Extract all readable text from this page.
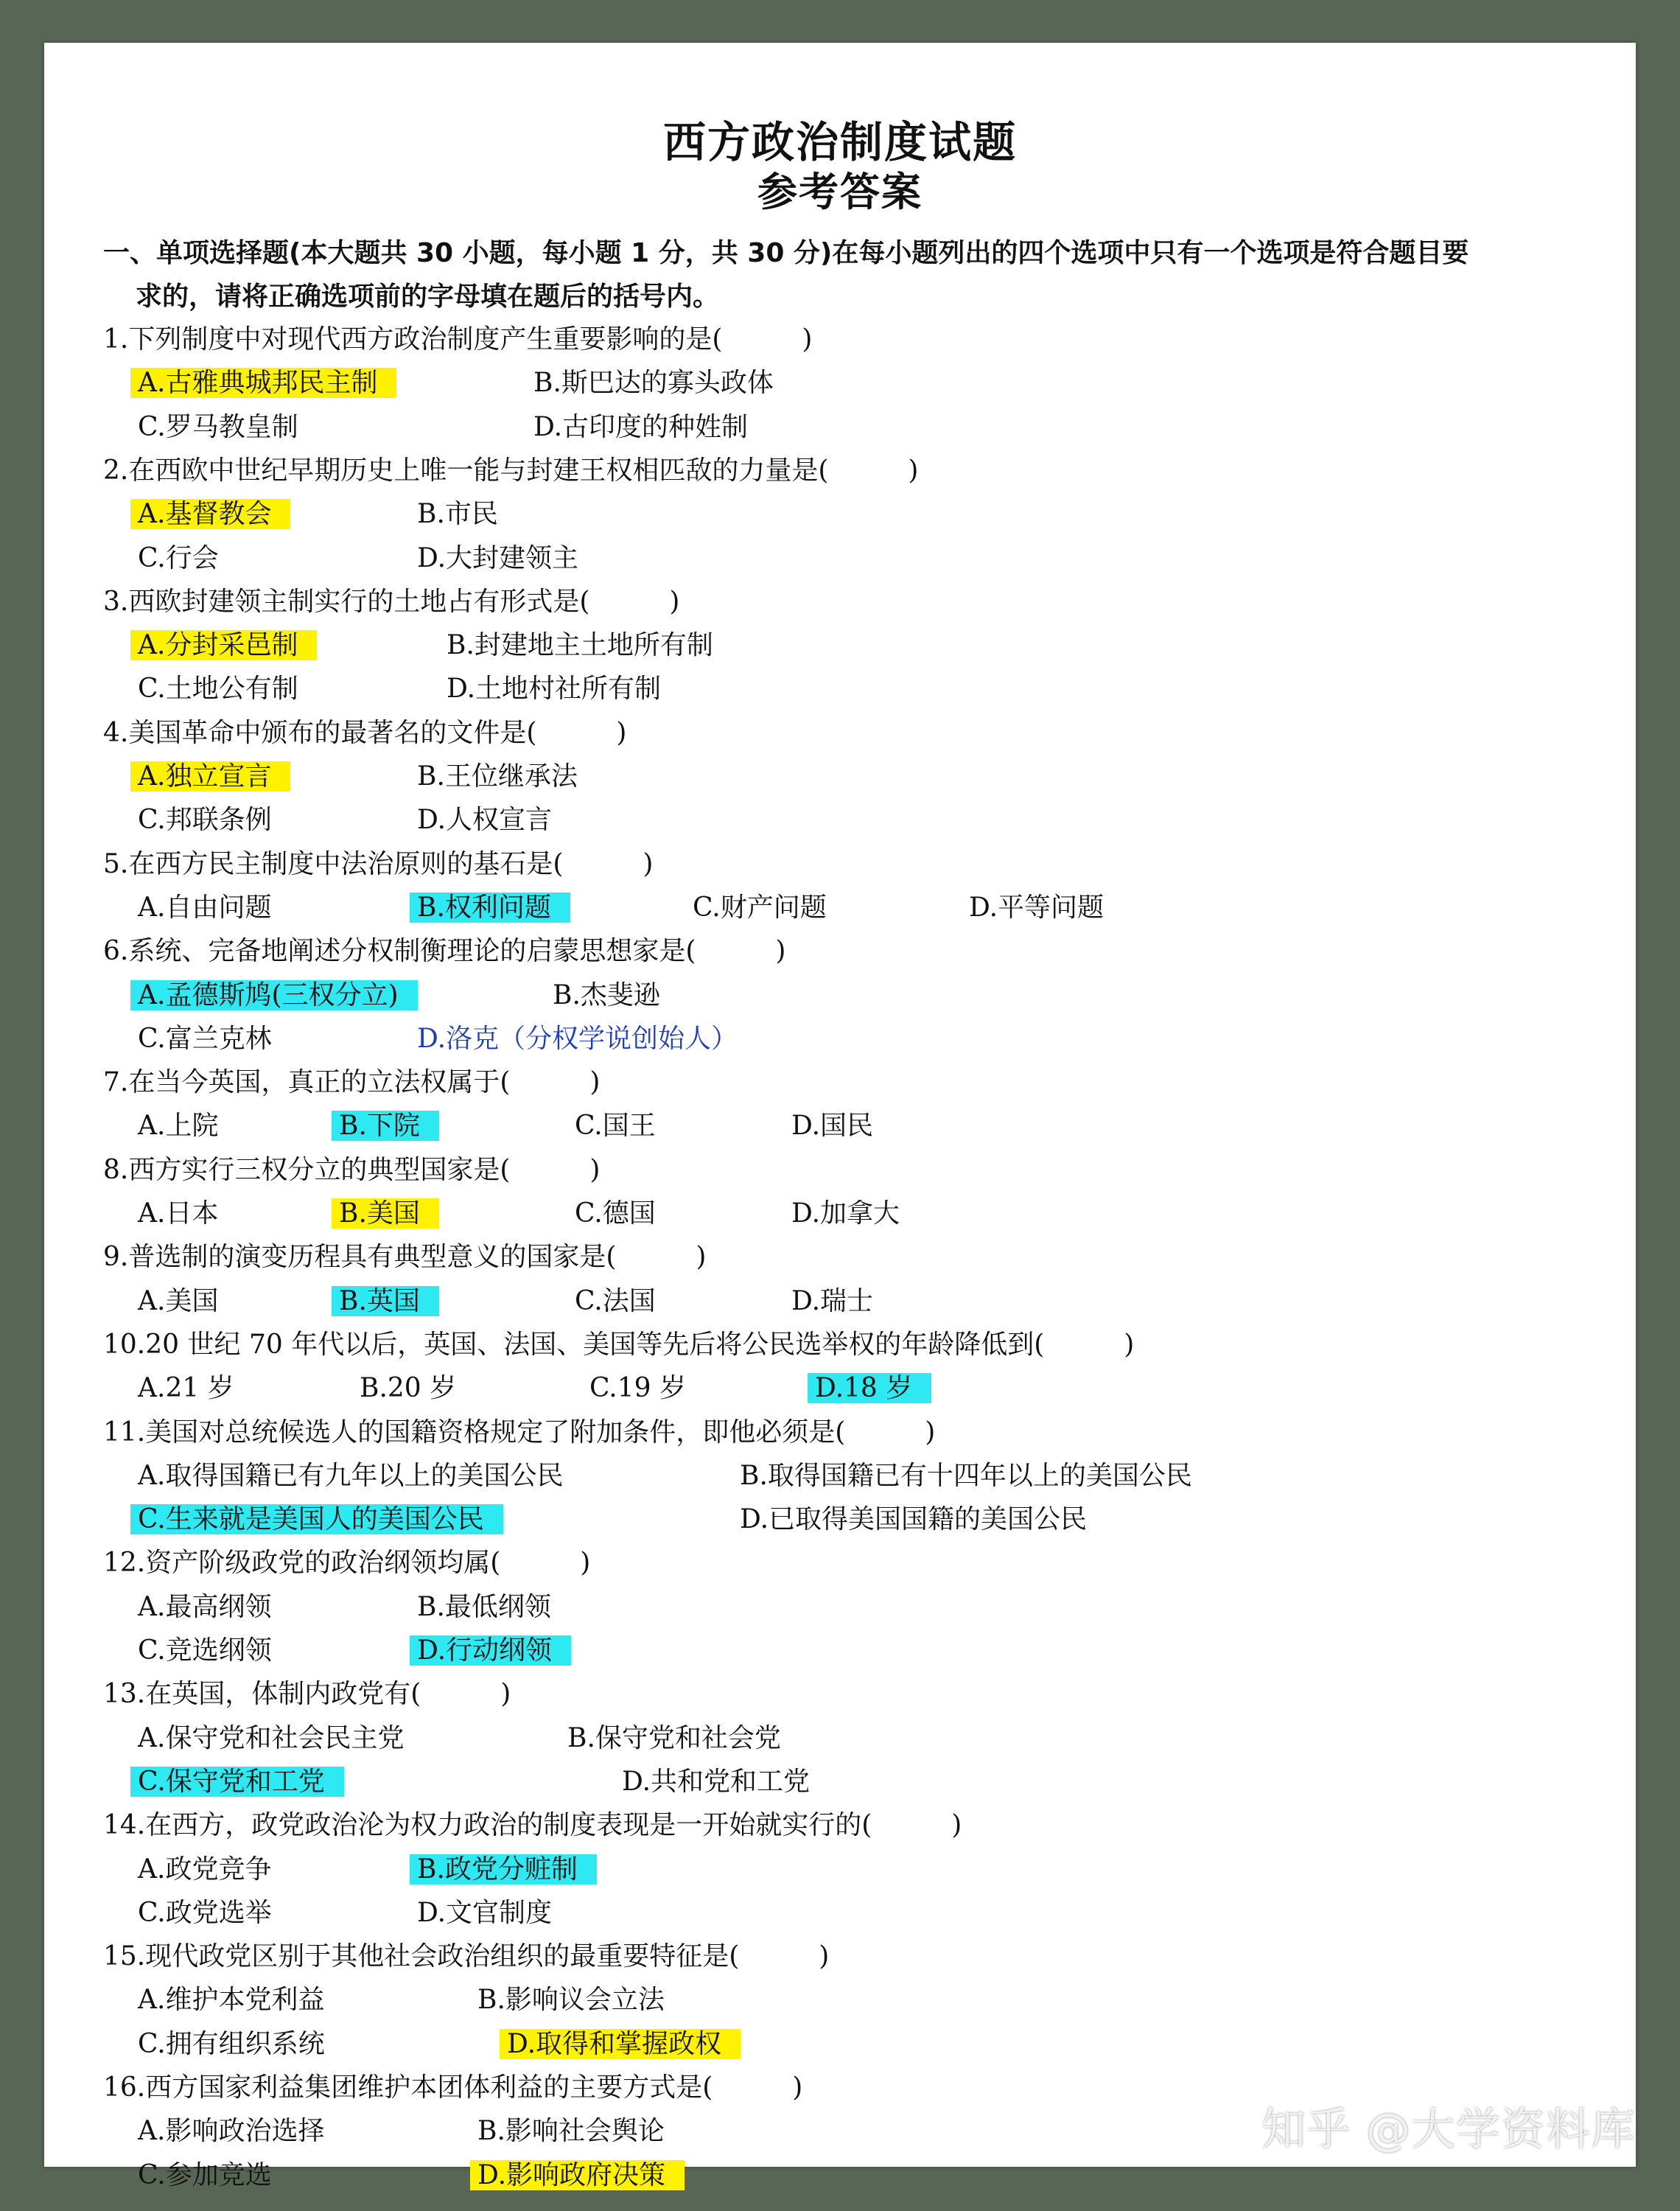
西方政治制度试题
参考答案
一、单项选择题(本大题共 30 小题，每小题 1 分，共 30 分)在每小题列出的四个选项中只有一个选项是符合题目要
求的，请将正确选项前的字母填在题后的括号内。
1.下列制度中对现代西方政治制度产生重要影响的是(　　　)
A.古雅典城邦民主制	B.斯巴达的寡头政体
C.罗马教皇制	D.古印度的种姓制
2.在西欧中世纪早期历史上唯一能与封建王权相匹敌的力量是(　　　)
A.基督教会	B.市民
C.行会	D.大封建领主
3.西欧封建领主制实行的土地占有形式是(　　　)
A.分封采邑制	B.封建地主土地所有制
C.土地公有制	D.土地村社所有制
4.美国革命中颁布的最著名的文件是(　　　)
A.独立宣言	B.王位继承法
C.邦联条例	D.人权宣言
5.在西方民主制度中法治原则的基石是(　　　)
A.自由问题	B.权利问题	C.财产问题	D.平等问题
6.系统、完备地阐述分权制衡理论的启蒙思想家是(　　　)
A.孟德斯鸠(三权分立)	B.杰斐逊
C.富兰克林	D.洛克（分权学说创始人）
7.在当今英国，真正的立法权属于(　　　)
A.上院	B.下院	C.国王	D.国民
8.西方实行三权分立的典型国家是(　　　)
A.日本	B.美国	C.德国	D.加拿大
9.普选制的演变历程具有典型意义的国家是(　　　)
A.美国	B.英国	C.法国	D.瑞士
10.20 世纪 70 年代以后，英国、法国、美国等先后将公民选举权的年龄降低到(　　　)
A.21 岁	B.20 岁	C.19 岁	D.18 岁
11.美国对总统候选人的国籍资格规定了附加条件，即他必须是(　　　)
A.取得国籍已有九年以上的美国公民	B.取得国籍已有十四年以上的美国公民
C.生来就是美国人的美国公民	D.已取得美国国籍的美国公民
12.资产阶级政党的政治纲领均属(　　　)
A.最高纲领	B.最低纲领
C.竞选纲领	D.行动纲领
13.在英国，体制内政党有(　　　)
A.保守党和社会民主党	B.保守党和社会党
C.保守党和工党	D.共和党和工党
14.在西方，政党政治沦为权力政治的制度表现是一开始就实行的(　　　)
A.政党竞争	B.政党分赃制
C.政党选举	D.文官制度
15.现代政党区别于其他社会政治组织的最重要特征是(　　　)
A.维护本党利益	B.影响议会立法
C.拥有组织系统	D.取得和掌握政权
16.西方国家利益集团维护本团体利益的主要方式是(　　　)
A.影响政治选择	B.影响社会舆论
C.参加竞选	D.影响政府决策
知乎 @大学资料库
